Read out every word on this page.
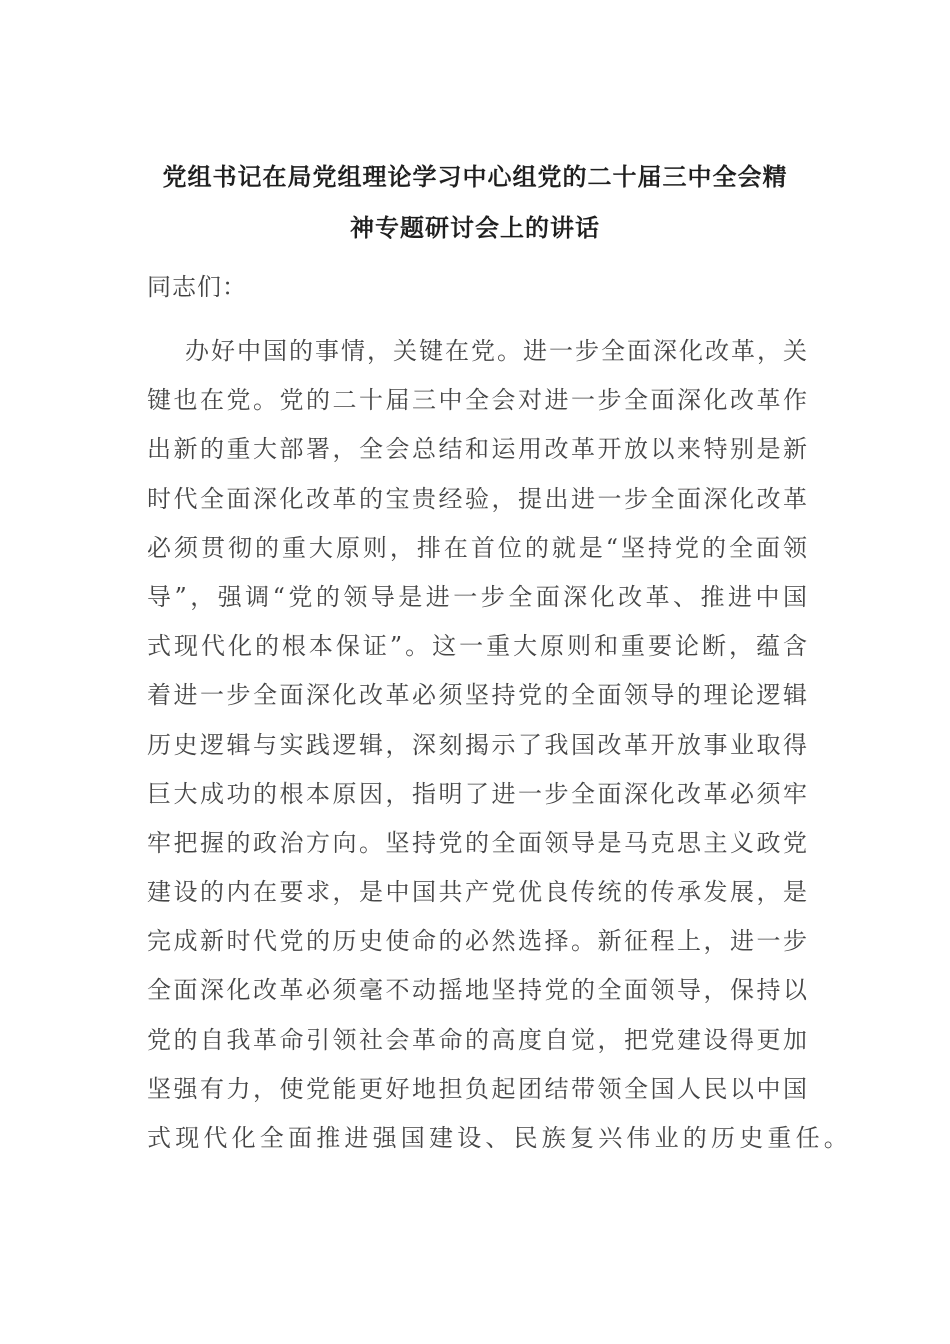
党组书记在局党组理论学习中心组党的二十届三中全会精
神专题研讨会上的讲话

同志们：

办好中国的事情，关键在党。进一步全面深化改革，关
键也在党。党的二十届三中全会对进一步全面深化改革作
出新的重大部署，全会总结和运用改革开放以来特别是新
时代全面深化改革的宝贵经验，提出进一步全面深化改革
必须贯彻的重大原则，排在首位的就是“坚持党的全面领
导”，强调“党的领导是进一步全面深化改革、推进中国
式现代化的根本保证”。这一重大原则和重要论断，蕴含
着进一步全面深化改革必须坚持党的全面领导的理论逻辑
历史逻辑与实践逻辑，深刻揭示了我国改革开放事业取得
巨大成功的根本原因，指明了进一步全面深化改革必须牢
牢把握的政治方向。坚持党的全面领导是马克思主义政党
建设的内在要求，是中国共产党优良传统的传承发展，是
完成新时代党的历史使命的必然选择。新征程上，进一步
全面深化改革必须毫不动摇地坚持党的全面领导，保持以
党的自我革命引领社会革命的高度自觉，把党建设得更加
坚强有力，使党能更好地担负起团结带领全国人民以中国
式现代化全面推进强国建设、民族复兴伟业的历史重任。
